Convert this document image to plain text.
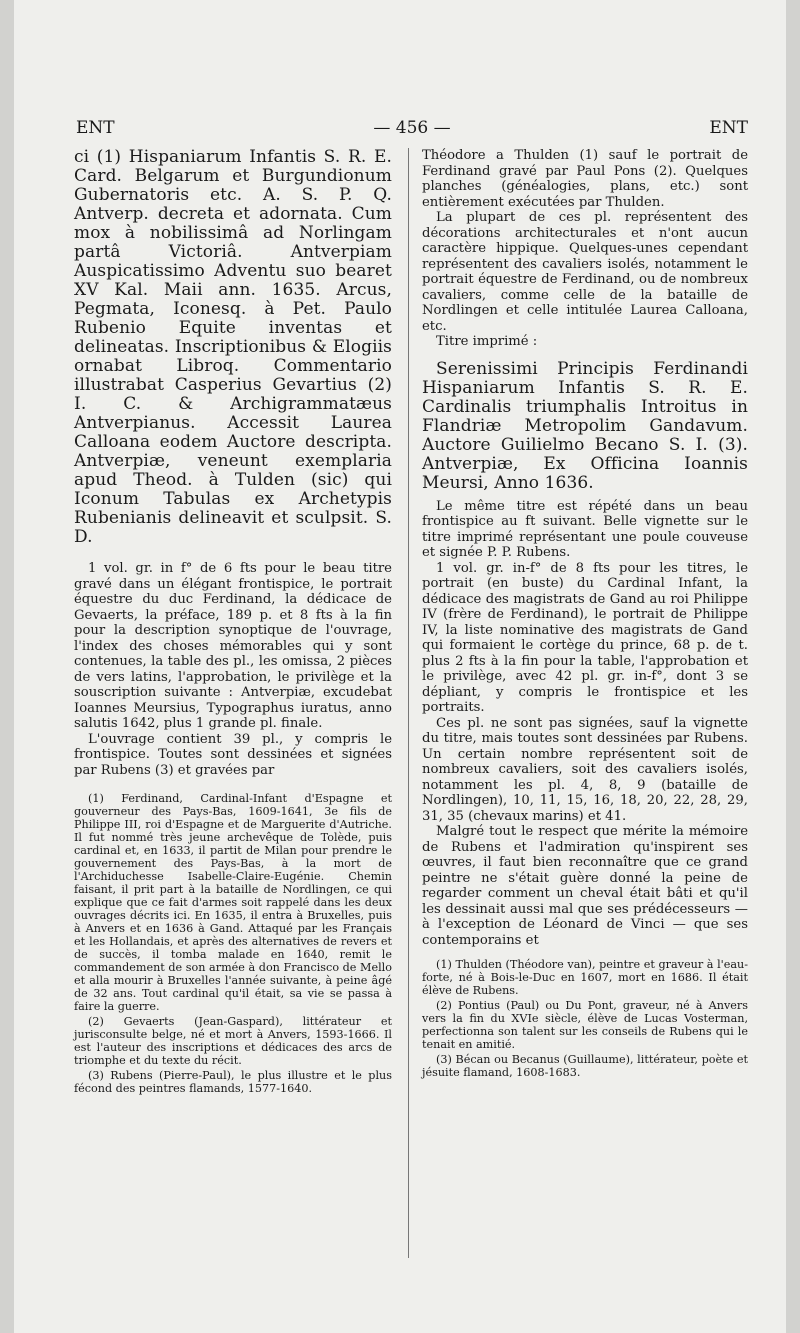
ENT	— 456 —	ENT

ci (1) Hispaniarum Infantis S. R. E. Card. Belgarum et Burgundionum Gubernatoris etc. A. S. P. Q. Antverp. decreta et adornata. Cum mox à nobilissimâ ad Norlingam partâ Victoriâ. Antverpiam Auspicatissimo Adventu suo bearet XV Kal. Maii ann. 1635. Arcus, Pegmata, Iconesq. à Pet. Paulo Rubenio Equite inventas et delineatas. Inscriptionibus & Elogiis ornabat Libroq. Commentario illustrabat Casperius Gevartius (2) I. C. & Archigrammatæus Antverpianus. Accessit Laurea Calloana eodem Auctore descripta. Antverpiæ, veneunt exemplaria apud Theod. à Tulden (sic) qui Iconum Tabulas ex Archetypis Rubenianis delineavit et sculpsit. S. D.

1 vol. gr. in f° de 6 fts pour le beau titre gravé dans un élégant frontispice, le portrait équestre du duc Ferdinand, la dédicace de Gevaerts, la préface, 189 p. et 8 fts à la fin pour la description synoptique de l'ouvrage, l'index des choses mémorables qui y sont contenues, la table des pl., les omissa, 2 pièces de vers latins, l'approbation, le privilège et la souscription suivante : Antverpiæ, excudebat Ioannes Meursius, Typographus iuratus, anno salutis 1642, plus 1 grande pl. finale.

L'ouvrage contient 39 pl., y compris le frontispice. Toutes sont dessinées et signées par Rubens (3) et gravées par

(1) Ferdinand, Cardinal-Infant d'Espagne et gouverneur des Pays-Bas, 1609-1641, 3e fils de Philippe III, roi d'Espagne et de Marguerite d'Autriche. Il fut nommé très jeune archevêque de Tolède, puis cardinal et, en 1633, il partit de Milan pour prendre le gouvernement des Pays-Bas, à la mort de l'Archiduchesse Isabelle-Claire-Eugénie. Chemin faisant, il prit part à la bataille de Nordlingen, ce qui explique que ce fait d'armes soit rappelé dans les deux ouvrages décrits ici. En 1635, il entra à Bruxelles, puis à Anvers et en 1636 à Gand. Attaqué par les Français et les Hollandais, et après des alternatives de revers et de succès, il tomba malade en 1640, remit le commandement de son armée à don Francisco de Mello et alla mourir à Bruxelles l'année suivante, à peine âgé de 32 ans. Tout cardinal qu'il était, sa vie se passa à faire la guerre.

(2) Gevaerts (Jean-Gaspard), littérateur et jurisconsulte belge, né et mort à Anvers, 1593-1666. Il est l'auteur des inscriptions et dédicaces des arcs de triomphe et du texte du récit.

(3) Rubens (Pierre-Paul), le plus illustre et le plus fécond des peintres flamands, 1577-1640.

Théodore a Thulden (1) sauf le portrait de Ferdinand gravé par Paul Pons (2). Quelques planches (généalogies, plans, etc.) sont entièrement exécutées par Thulden.

La plupart de ces pl. représentent des décorations architecturales et n'ont aucun caractère hippique. Quelques-unes cependant représentent des cavaliers isolés, notamment le portrait équestre de Ferdinand, ou de nombreux cavaliers, comme celle de la bataille de Nordlingen et celle intitulée Laurea Calloana, etc.

Titre imprimé :

Serenissimi Principis Ferdinandi Hispaniarum Infantis S. R. E. Cardinalis triumphalis Introitus in Flandriæ Metropolim Gandavum. Auctore Guilielmo Becano S. I. (3). Antverpiæ, Ex Officina Ioannis Meursi, Anno 1636.

Le même titre est répété dans un beau frontispice au ft suivant. Belle vignette sur le titre imprimé représentant une poule couveuse et signée P. P. Rubens.

1 vol. gr. in-f° de 8 fts pour les titres, le portrait (en buste) du Cardinal Infant, la dédicace des magistrats de Gand au roi Philippe IV (frère de Ferdinand), le portrait de Philippe IV, la liste nominative des magistrats de Gand qui formaient le cortège du prince, 68 p. de t. plus 2 fts à la fin pour la table, l'approbation et le privilège, avec 42 pl. gr. in-f°, dont 3 se dépliant, y compris le frontispice et les portraits.

Ces pl. ne sont pas signées, sauf la vignette du titre, mais toutes sont dessinées par Rubens. Un certain nombre représentent soit de nombreux cavaliers, soit des cavaliers isolés, notamment les pl. 4, 8, 9 (bataille de Nordlingen), 10, 11, 15, 16, 18, 20, 22, 28, 29, 31, 35 (chevaux marins) et 41.

Malgré tout le respect que mérite la mémoire de Rubens et l'admiration qu'inspirent ses œuvres, il faut bien reconnaître que ce grand peintre ne s'était guère donné la peine de regarder comment un cheval était bâti et qu'il les dessinait aussi mal que ses prédécesseurs — à l'exception de Léonard de Vinci — que ses contemporains et

(1) Thulden (Théodore van), peintre et graveur à l'eau-forte, né à Bois-le-Duc en 1607, mort en 1686. Il était élève de Rubens.

(2) Pontius (Paul) ou Du Pont, graveur, né à Anvers vers la fin du XVIe siècle, élève de Lucas Vosterman, perfectionna son talent sur les conseils de Rubens qui le tenait en amitié.

(3) Bécan ou Becanus (Guillaume), littérateur, poète et jésuite flamand, 1608-1683.
